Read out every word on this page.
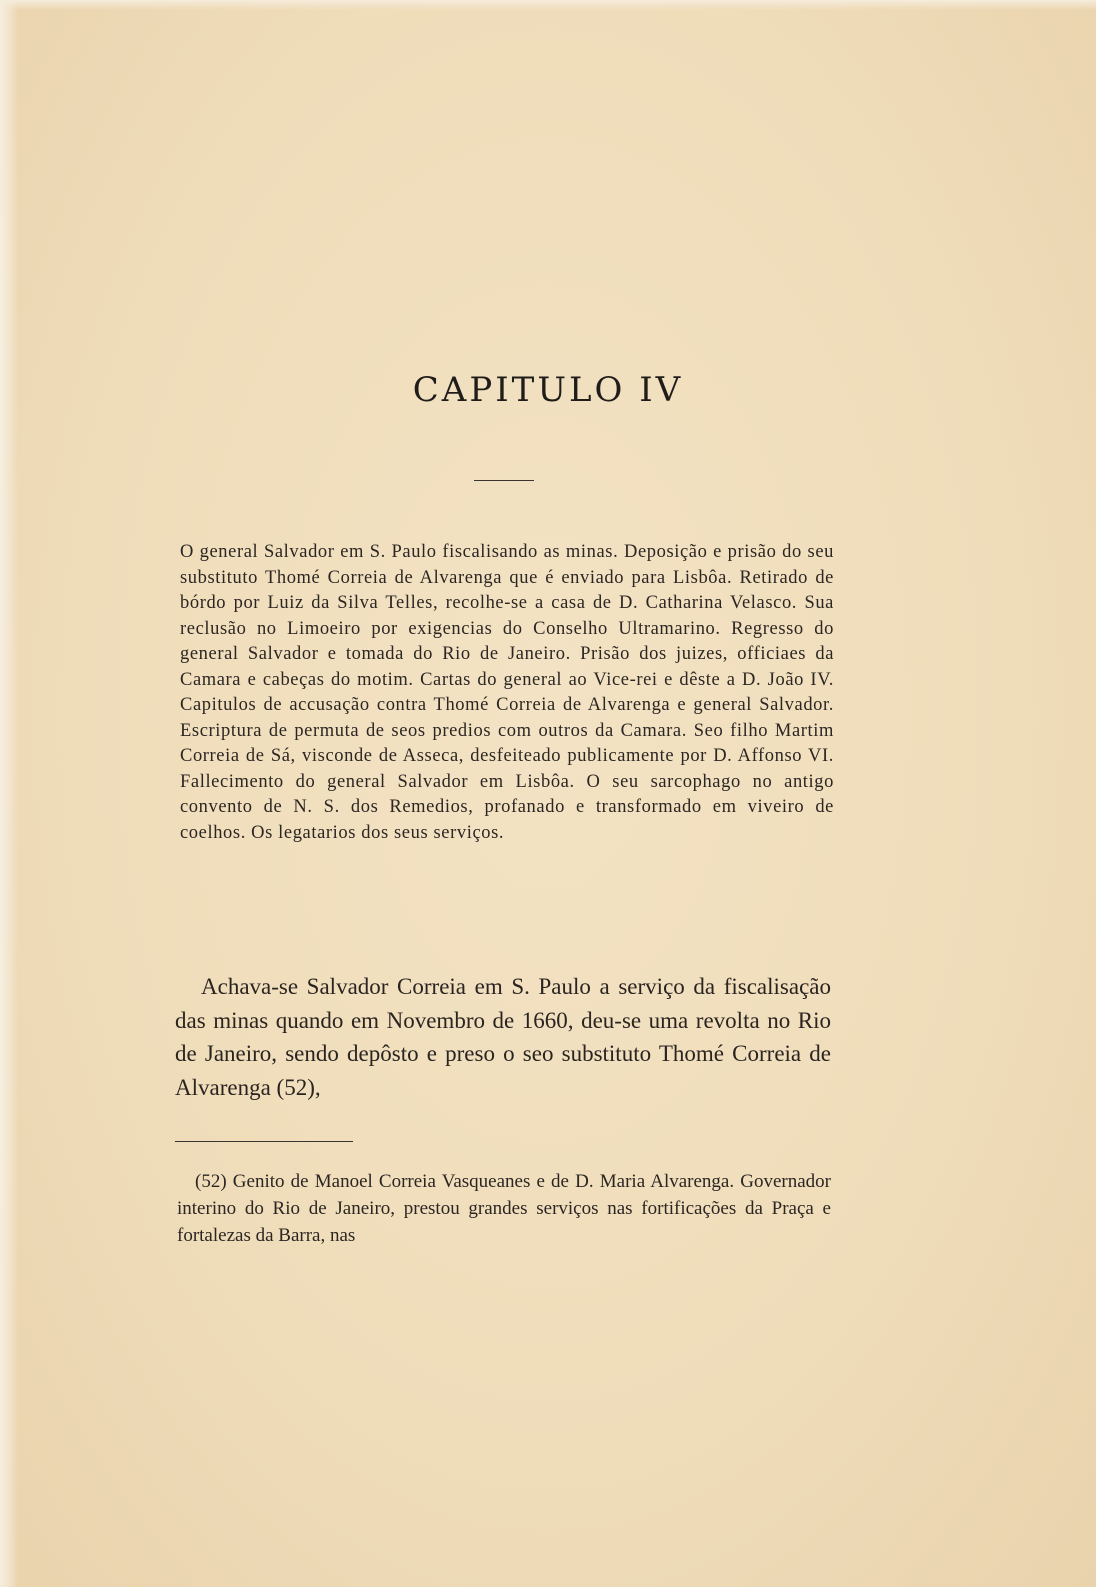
CAPITULO IV

O general Salvador em S. Paulo fiscalisando as minas. Deposição e prisão do seu substituto Thomé Correia de Alvarenga que é enviado para Lisbôa. Retirado de bórdo por Luiz da Silva Telles, recolhe-se a casa de D. Catharina Velasco. Sua reclusão no Limoeiro por exigencias do Conselho Ultramarino. Regresso do general Salvador e tomada do Rio de Janeiro. Prisão dos juizes, officiaes da Camara e cabeças do motim. Cartas do general ao Vice-rei e dêste a D. João IV. Capitulos de accusação contra Thomé Correia de Alvarenga e general Salvador. Escriptura de permuta de seos predios com outros da Camara. Seo filho Martim Correia de Sá, visconde de Asseca, desfeiteado publicamente por D. Affonso VI. Fallecimento do general Salvador em Lisbôa. O seu sarcophago no antigo convento de N. S. dos Remedios, profanado e transformado em viveiro de coelhos. Os legatarios dos seus serviços.

Achava-se Salvador Correia em S. Paulo a serviço da fiscalisação das minas quando em Novembro de 1660, deu-se uma revolta no Rio de Janeiro, sendo depôsto e preso o seo substituto Thomé Correia de Alvarenga (52),

(52) Genito de Manoel Correia Vasqueanes e de D. Maria Alvarenga. Governador interino do Rio de Janeiro, prestou grandes serviços nas fortificações da Praça e fortalezas da Barra, nas
